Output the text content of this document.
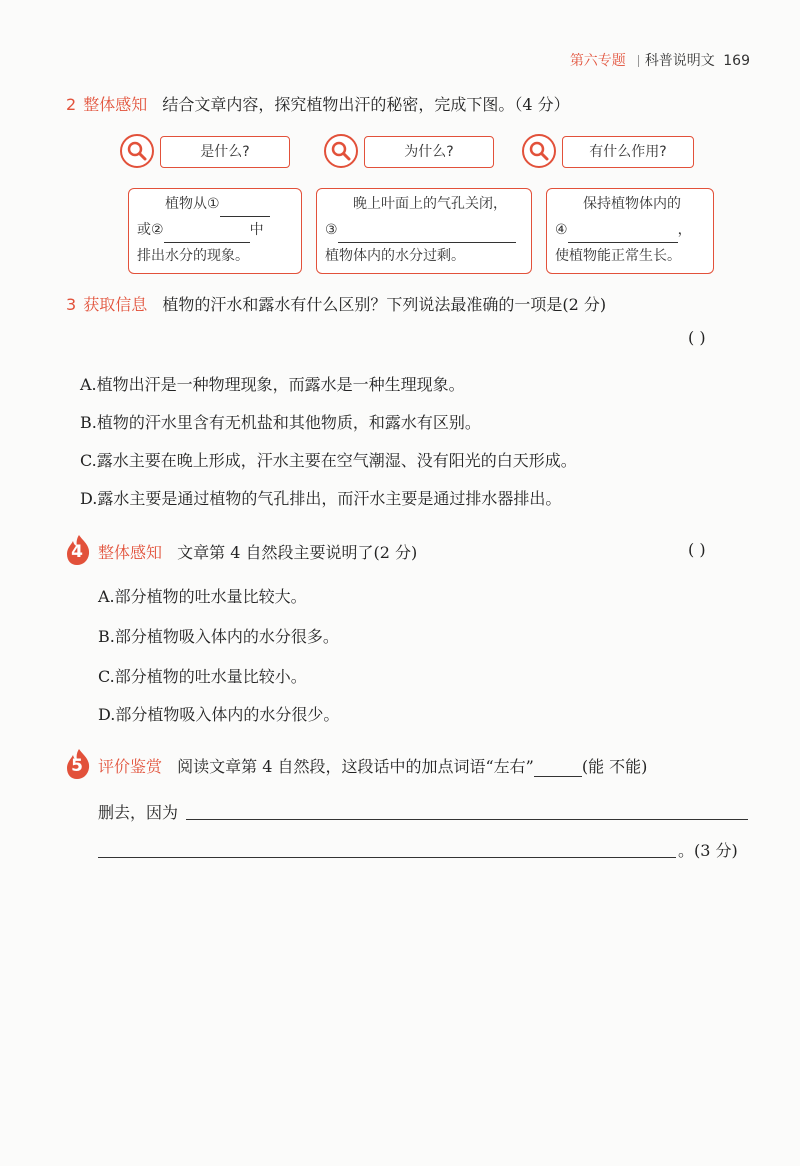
第六专题 科普说明文 169
2 整体感知 结合文章内容，探究植物出汗的秘密，完成下图。（4 分）
是什么?	为什么?	有什么作用?
植物从①
或②	中
排出水分的现象。
晚上叶面上的气孔关闭，
③
植物体内的水分过剩。
保持植物体内的
④	，
使植物能正常生长。
3 获取信息 植物的汗水和露水有什么区别？下列说法最准确的一项是(2 分)
( )
A.植物出汗是一种物理现象，而露水是一种生理现象。
B.植物的汗水里含有无机盐和其他物质，和露水有区别。
C.露水主要在晚上形成，汗水主要在空气潮湿、没有阳光的白天形成。
D.露水主要是通过植物的气孔排出，而汗水主要是通过排水器排出。
4 整体感知 文章第 4 自然段主要说明了(2 分)	( )
A.部分植物的吐水量比较大。
B.部分植物吸入体内的水分很多。
C.部分植物的吐水量比较小。
D.部分植物吸入体内的水分很少。
5 评价鉴赏 阅读文章第 4 自然段，这段话中的加点词语“左右”	(能 不能)
删去，因为
。(3 分)
